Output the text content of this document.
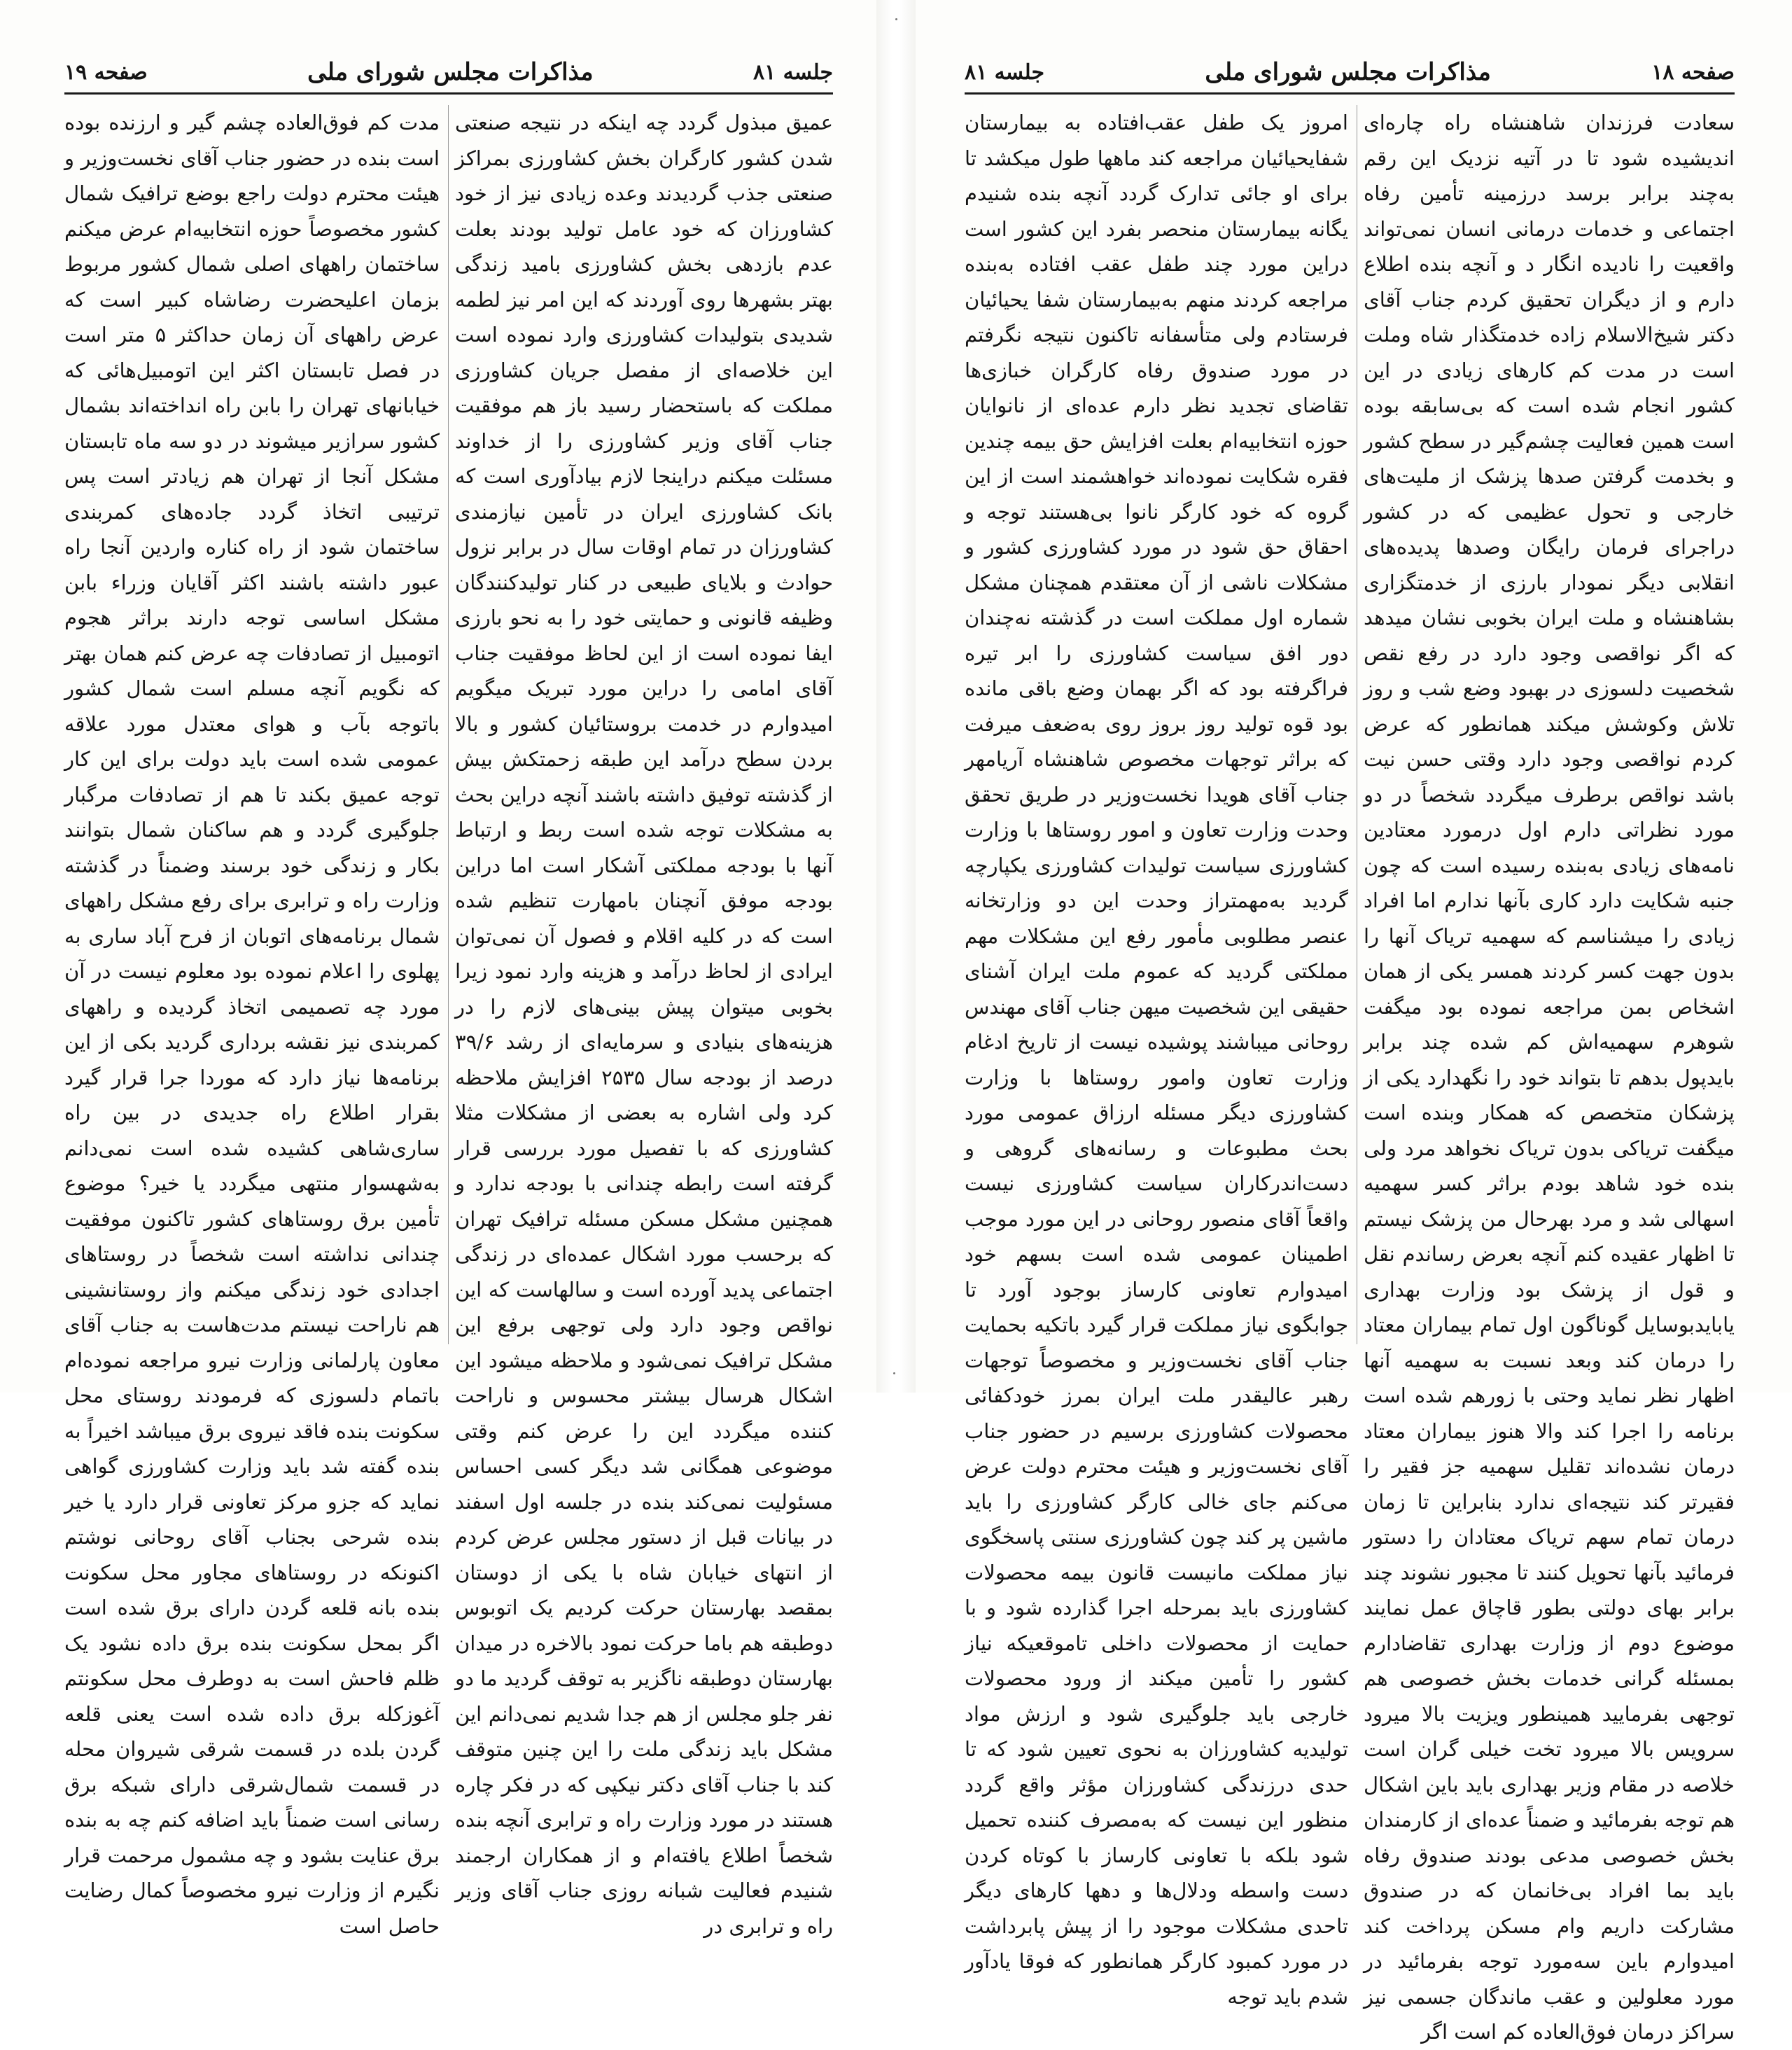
جلسه ۸۱
مذاکرات مجلس شورای ملی
صفحه ۱۹

عمیق مبذول گردد چه اینکه در نتیجه صنعتی شدن کشور کارگران بخش کشاورزی بمراکز صنعتی جذب گردیدند وعده زیادی نیز از خود کشاورزان که خود عامل تولید بودند بعلت عدم بازدهی بخش کشاورزی بامید زندگی بهتر بشهرها روی آوردند که این امر نیز لطمه شدیدی بتولیدات کشاورزی وارد نموده است این خلاصه‌ای از مفصل جریان کشاورزی مملکت که باستحضار رسید باز هم موفقیت جناب آقای وزیر کشاورزی را از خداوند مسئلت میکنم دراینجا لازم بیادآوری است که بانک کشاورزی ایران در تأمین نیازمندی کشاورزان در تمام اوقات سال در برابر نزول حوادث و بلایای طبیعی در کنار تولیدکنندگان وظیفه قانونی و حمایتی خود را به نحو بارزی ایفا نموده است از این لحاظ موفقیت جناب آقای امامی را دراین مورد تبریک میگویم امیدوارم در خدمت بروستائیان کشور و بالا بردن سطح درآمد این طبقه زحمتکش بیش از گذشته توفیق داشته باشند آنچه دراین بحث به مشکلات توجه شده است ربط و ارتباط آنها با بودجه مملکتی آشکار است اما دراین بودجه موفق آنچنان بامهارت تنظیم شده است که در کلیه اقلام و فصول آن نمی‌توان ایرادی از لحاظ درآمد و هزینه وارد نمود زیرا بخوبی میتوان پیش بینی‌های لازم را در هزینه‌های بنیادی و سرمایه‌ای از رشد ۳۹/۶ درصد از بودجه سال ۲۵۳۵ افزایش ملاحظه کرد ولی اشاره به بعضی از مشکلات مثلا کشاورزی که با تفصیل مورد بررسی قرار گرفته است رابطه چندانی با بودجه ندارد و همچنین مشکل مسکن مسئله ترافیک تهران که برحسب مورد اشکال عمده‌ای در زندگی اجتماعی پدید آورده است و سالهاست که این نواقص وجود دارد ولی توجهی برفع این مشکل ترافیک نمی‌شود و ملاحظه میشود این اشکال هرسال بیشتر محسوس و ناراحت کننده میگردد این را عرض کنم وقتی موضوعی همگانی شد دیگر کسی احساس مسئولیت نمی‌کند بنده در جلسه اول اسفند در بیانات قبل از دستور مجلس عرض کردم از انتهای خیابان شاه با یکی از دوستان بمقصد بهارستان حرکت کردیم یک اتوبوس دوطبقه هم باما حرکت نمود بالاخره در میدان بهارستان دوطبقه ناگزیر به توقف گردید ما دو نفر جلو مجلس از هم جدا شدیم نمی‌دانم این مشکل باید زندگی ملت را این چنین متوقف کند با جناب آقای دکتر نیکپی که در فکر چاره هستند در مورد وزارت راه و ترابری آنچه بنده شخصاً اطلاع یافته‌ام و از همکاران ارجمند شنیدم فعالیت شبانه روزی جناب آقای وزیر راه و ترابری در

مدت کم فوق‌العاده چشم گیر و ارزنده بوده است بنده در حضور جناب آقای نخست‌وزیر و هیئت محترم دولت راجع بوضع ترافیک شمال کشور مخصوصاً حوزه انتخابیه‌ام عرض میکنم ساختمان راههای اصلی شمال کشور مربوط بزمان اعلیحضرت رضاشاه کبیر است که عرض راههای آن زمان حداکثر ۵ متر است در فصل تابستان اکثر این اتومبیل‌هائی که خیابانهای تهران را بابن راه انداخته‌اند بشمال کشور سرازیر میشوند در دو سه ماه تابستان مشکل آنجا از تهران هم زیادتر است پس ترتیبی اتخاذ گردد جاده‌های کمربندی ساختمان شود از راه کناره واردین آنجا راه عبور داشته باشند اکثر آقایان وزراء بابن مشکل اساسی توجه دارند براثر هجوم اتومبیل از تصادفات چه عرض کنم همان بهتر که نگویم آنچه مسلم است شمال کشور باتوجه بآب و هوای معتدل مورد علاقه عمومی شده است باید دولت برای این کار توجه عمیق بکند تا هم از تصادفات مرگبار جلوگیری گردد و هم ساکنان شمال بتوانند بکار و زندگی خود برسند وضمناً در گذشته وزارت راه و ترابری برای رفع مشکل راههای شمال برنامه‌های اتوبان از فرح آباد ساری به پهلوی را اعلام نموده بود معلوم نیست در آن مورد چه تصمیمی اتخاذ گردیده و راههای کمربندی نیز نقشه برداری گردید بکی از این برنامه‌ها نیاز دارد که موردا جرا قرار گیرد بقرار اطلاع راه جدیدی در بین راه ساری‌شاهی کشیده شده است نمی‌دانم به‌شهسوار منتهی میگردد یا خیر؟ موضوع تأمین برق روستاهای کشور تاکنون موفقیت چندانی نداشته است شخصاً در روستاهای اجدادی خود زندگی میکنم واز روستانشینی هم ناراحت نیستم مدت‌هاست به جناب آقای معاون پارلمانی وزارت نیرو مراجعه نموده‌ام باتمام دلسوزی که فرمودند روستای محل سکونت بنده فاقد نیروی برق میباشد اخیراً به بنده گفته شد باید وزارت کشاورزی گواهی نماید که جزو مرکز تعاونی قرار دارد یا خیر بنده شرحی بجناب آقای روحانی نوشتم اکنونکه در روستاهای مجاور محل سکونت بنده بانه قلعه گردن دارای برق شده است اگر بمحل سکونت بنده برق داده نشود یک ظلم فاحش است به دوطرف محل سکونتم آغوزکله برق داده شده است یعنی قلعه گردن بلده در قسمت شرقی شیروان محله در قسمت شمال‌شرقی دارای شبکه برق رسانی است ضمناً باید اضافه کنم چه به بنده برق عنایت بشود و چه مشمول مرحمت قرار نگیرم از وزارت نیرو مخصوصاً کمال رضایت حاصل است

صفحه ۱۸
مذاکرات مجلس شورای ملی
جلسه ۸۱

سعادت فرزندان شاهنشاه راه چاره‌ای اندیشیده شود تا در آتیه نزدیک این رقم به‌چند برابر برسد درزمینه تأمین رفاه اجتماعی و خدمات درمانی انسان نمی‌تواند واقعیت را نادیده انگار د و آنچه بنده اطلاع دارم و از دیگران تحقیق کردم جناب آقای دکتر شیخ‌الاسلام زاده خدمتگذار شاه وملت است در مدت کم کارهای زیادی در این کشور انجام شده است که بی‌سابقه بوده است همین فعالیت چشم‌گیر در سطح کشور و بخدمت گرفتن صدها پزشک از ملیت‌های خارجی و تحول عظیمی که در کشور دراجرای فرمان رایگان وصدها پدیده‌های انقلابی دیگر نمودار بارزی از خدمتگزاری بشاهنشاه و ملت ایران بخوبی نشان میدهد که اگر نواقصی وجود دارد در رفع نقص شخصیت دلسوزی در بهبود وضع شب و روز تلاش وکوشش میکند همانطور که عرض کردم نواقصی وجود دارد وقتی حسن نیت باشد نواقص برطرف میگردد شخصاً در دو مورد نظراتی دارم اول درمورد معتادین نامه‌های زیادی به‌بنده رسیده است که چون جنبه شکایت دارد کاری بآنها ندارم اما افراد زیادی را میشناسم که سهمیه تریاک آنها را بدون جهت کسر کردند همسر یکی از همان اشخاص بمن مراجعه نموده بود میگفت شوهرم سهمیه‌اش کم شده چند برابر بایدپول بدهم تا بتواند خود را نگهدارد یکی از پزشکان متخصص که همکار وبنده است میگفت تریاکی بدون تریاک نخواهد مرد ولی بنده خود شاهد بودم براثر کسر سهمیه اسهالی شد و مرد بهرحال من پزشک نیستم تا اظهار عقیده کنم آنچه بعرض رساندم نقل و قول از پزشک بود وزارت بهداری یابایدبوسایل گوناگون اول تمام بیماران معتاد را درمان کند وبعد نسبت به سهمیه آنها اظهار نظر نماید وحتی با زورهم شده است برنامه را اجرا کند والا هنوز بیماران معتاد درمان نشده‌اند تقلیل سهمیه جز فقیر را فقیرتر کند نتیجه‌ای ندارد بنابراین تا زمان درمان تمام سهم تریاک معتادان را دستور فرمائید بآنها تحویل کنند تا مجبور نشوند چند برابر بهای دولتی بطور قاچاق عمل نمایند موضوع دوم از وزارت بهداری تقاضادارم بمسئله گرانی خدمات بخش خصوصی هم توجهی بفرمایید همینطور ویزیت بالا میرود سرویس بالا میرود تخت خیلی گران است خلاصه در مقام وزیر بهداری باید باین اشکال هم توجه بفرمائید و ضمناً عده‌ای از کارمندان بخش خصوصی مدعی بودند صندوق رفاه باید بما افراد بی‌خانمان که در صندوق مشارکت داریم وام مسکن پرداخت کند امیدوارم باین سه‌مورد توجه بفرمائید در مورد معلولین و عقب ماندگان جسمی نیز سراکز درمان فوق‌العاده کم است اگر

امروز یک طفل عقب‌افتاده به بیمارستان شفایحیائیان مراجعه کند ماهها طول میکشد تا برای او جائی تدارک گردد آنچه بنده شنیدم یگانه بیمارستان منحصر بفرد این کشور است دراین مورد چند طفل عقب افتاده به‌بنده مراجعه کردند منهم به‌بیمارستان شفا یحیائیان فرستادم ولی متأسفانه تاکنون نتیجه نگرفتم در مورد صندوق رفاه کارگران خبازی‌ها تقاضای تجدید نظر دارم عده‌ای از نانوایان حوزه انتخابیه‌ام بعلت افزایش حق بیمه چندین فقره شکایت نموده‌اند خواهشمند است از این گروه که خود کارگر نانوا بی‌هستند توجه و احقاق حق شود در مورد کشاورزی کشور و مشکلات ناشی از آن معتقدم همچنان مشکل شماره اول مملکت است در گذشته نه‌چندان دور افق سیاست کشاورزی را ابر تیره فراگرفته بود که اگر بهمان وضع باقی مانده بود قوه تولید روز بروز روی به‌ضعف میرفت که براثر توجهات مخصوص شاهنشاه آریامهر جناب آقای هویدا نخست‌وزیر در طریق تحقق وحدت وزارت تعاون و امور روستاها با وزارت کشاورزی سیاست تولیدات کشاورزی یکپارچه گردید به‌مهمتراز وحدت این دو وزارتخانه عنصر مطلوبی مأمور رفع این مشکلات مهم مملکتی گردید که عموم ملت ایران آشنای حقیقی این شخصیت میهن جناب آقای مهندس روحانی میباشند پوشیده نیست از تاریخ ادغام وزارت تعاون وامور روستاها با وزارت کشاورزی دیگر مسئله ارزاق عمومی مورد بحث مطبوعات و رسانه‌های گروهی و دست‌اندرکاران سیاست کشاورزی نیست واقعاً آقای منصور روحانی در این مورد موجب اطمینان عمومی شده است بسهم خود امیدوارم تعاونی کارساز بوجود آورد تا جوابگوی نیاز مملکت قرار گیرد باتکیه بحمایت جناب آقای نخست‌وزیر و مخصوصاً توجهات رهبر عالیقدر ملت ایران بمرز خودکفائی محصولات کشاورزی برسیم در حضور جناب آقای نخست‌وزیر و هیئت محترم دولت عرض می‌کنم جای خالی کارگر کشاورزی را باید ماشین پر کند چون کشاورزی سنتی پاسخگوی نیاز مملکت مانیست قانون بیمه محصولات کشاورزی باید بمرحله اجرا گذارده شود و با حمایت از محصولات داخلی تاموقعیکه نیاز کشور را تأمین میکند از ورود محصولات خارجی باید جلوگیری شود و ارزش مواد تولیدیه کشاورزان به نحوی تعیین شود که تا حدی درزندگی کشاورزان مؤثر واقع گردد منظور این نیست که به‌مصرف کننده تحمیل شود بلکه با تعاونی کارساز با کوتاه کردن دست واسطه ودلال‌ها و دهها کارهای دیگر تاحدی مشکلات موجود را از پیش پابرداشت در مورد کمبود کارگر همانطور که فوقا یادآور شدم باید توجه
